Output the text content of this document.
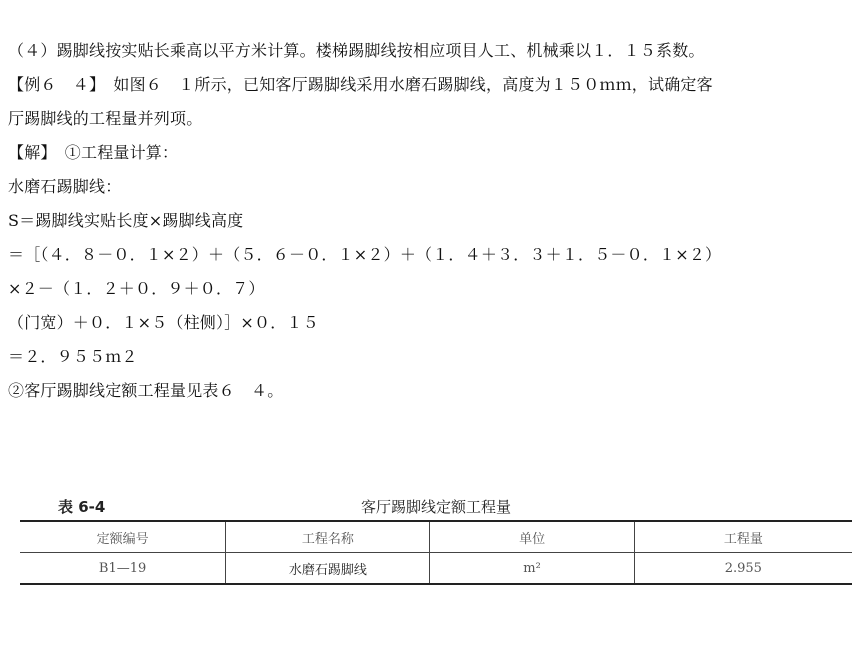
（４）踢脚线按实贴长乘高以平方米计算。楼梯踢脚线按相应项目人工、机械乘以１．１５系数。
【例６　４】　如图６　１所示，已知客厅踢脚线采用水磨石踢脚线，高度为１５０ｍｍ，试确定客
厅踢脚线的工程量并列项。
【解】　①工程量计算：
水磨石踢脚线：
S＝踢脚线实贴长度×踢脚线高度
＝［（４．８－０．１×２）＋（５．６－０．１×２）＋（１．４＋３．３＋１．５－０．１×２）
×２－（１．２＋０．９＋０．７）
（门宽）＋０．１×５（柱侧）］×０．１５
＝２．９５５ｍ２
②客厅踢脚线定额工程量见表６　４。
表 6-4	客厅踢脚线定额工程量
定额编号	工程名称	单位	工程量
B1—19	水磨石踢脚线	m²	2.955
